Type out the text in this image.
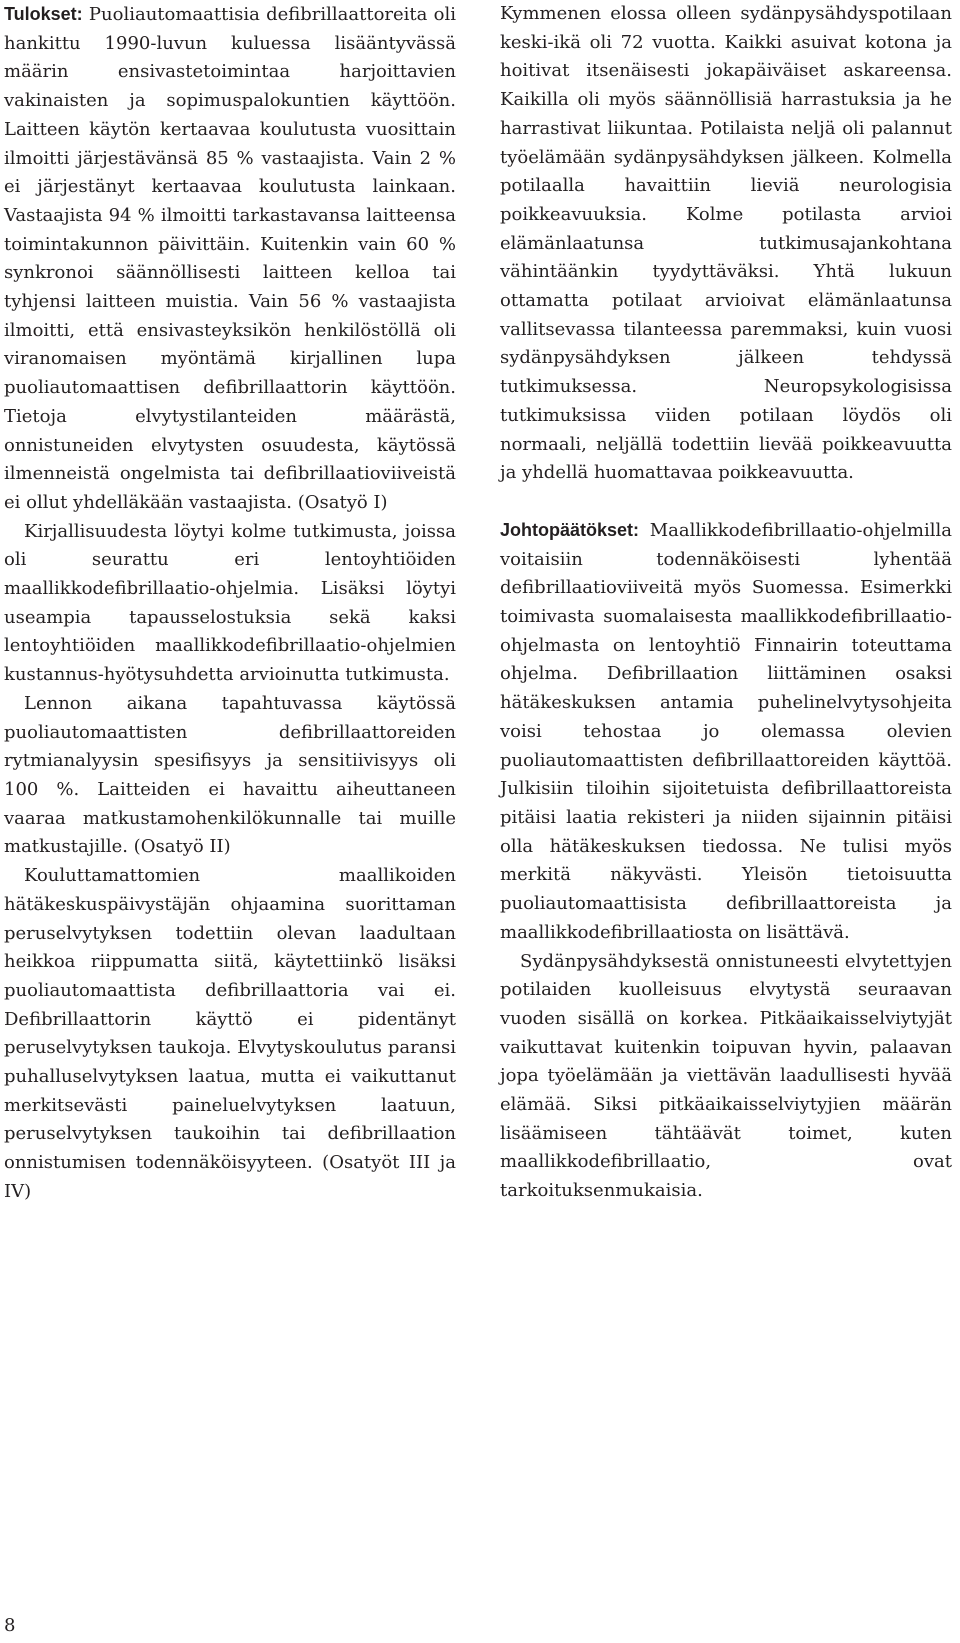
Tulokset: Puoliautomaattisia defibrillaattoreita oli hankittu 1990-luvun kuluessa lisääntyvässä määrin ensivastetoimintaa harjoittavien vakinaisten ja sopimuspalokuntien käyttöön. Laitteen käytön kertaavaa koulutusta vuosittain ilmoitti järjestävänsä 85 % vastaajista. Vain 2 % ei järjestänyt kertaavaa koulutusta lainkaan. Vastaajista 94 % ilmoitti tarkastavansa laitteensa toimintakunnon päivittäin. Kuitenkin vain 60 % synkronoi säännöllisesti laitteen kelloa tai tyhjensi laitteen muistia. Vain 56 % vastaajista ilmoitti, että ensivasteyksikön henkilöstöllä oli viranomaisen myöntämä kirjallinen lupa puoliautomaattisen defibrillaattorin käyttöön. Tietoja elvytystilanteiden määrästä, onnistuneiden elvytysten osuudesta, käytössä ilmenneistä ongelmista tai defibrillaatioviiveistä ei ollut yhdelläkään vastaajista. (Osatyö I)

Kirjallisuudesta löytyi kolme tutkimusta, joissa oli seurattu eri lentoyhtiöiden maallikkodefibrillaatio-ohjelmia. Lisäksi löytyi useampia tapausselostuksia sekä kaksi lentoyhtiöiden maallikkodefibrillaatio-ohjelmien kustannus-hyötysuhdetta arvioinutta tutkimusta.

Lennon aikana tapahtuvassa käytössä puoliautomaattisten defibrillaattoreiden rytmianalyysin spesifisyys ja sensitiivisyys oli 100 %. Laitteiden ei havaittu aiheuttaneen vaaraa matkustamohenkilökunnalle tai muille matkustajille. (Osatyö II)

Kouluttamattomien maallikoiden hätäkeskuspäivystäjän ohjaamina suorittaman peruselvytyksen todettiin olevan laadultaan heikkoa riippumatta siitä, käytettiinkö lisäksi puoliautomaattista defibrillaattoria vai ei. Defibrillaattorin käyttö ei pidentänyt peruselvytyksen taukoja. Elvytyskoulutus paransi puhalluselvytyksen laatua, mutta ei vaikuttanut merkitsevästi paineluelvytyksen laatuun, peruselvytyksen taukoihin tai defibrillaation onnistumisen todennäköisyyteen. (Osatyöt III ja IV)

Kymmenen elossa olleen sydänpysähdyspotilaan keski-ikä oli 72 vuotta. Kaikki asuivat kotona ja hoitivat itsenäisesti jokapäiväiset askareensa. Kaikilla oli myös säännöllisiä harrastuksia ja he harrastivat liikuntaa. Potilaista neljä oli palannut työelämään sydänpysähdyksen jälkeen. Kolmella potilaalla havaittiin lieviä neurologisia poikkeavuuksia. Kolme potilasta arvioi elämänlaatunsa tutkimusajankohtana vähintäänkin tyydyttäväksi. Yhtä lukuun ottamatta potilaat arvioivat elämänlaatunsa vallitsevassa tilanteessa paremmaksi, kuin vuosi sydänpysähdyksen jälkeen tehdyssä tutkimuksessa. Neuropsykologisissa tutkimuksissa viiden potilaan löydös oli normaali, neljällä todettiin lievää poikkeavuutta ja yhdellä huomattavaa poikkeavuutta.

Johtopäätökset: Maallikkodefibrillaatio-ohjelmilla voitaisiin todennäköisesti lyhentää defibrillaatioviiveitä myös Suomessa. Esimerkki toimivasta suomalaisesta maallikkodefibrillaatio-ohjelmasta on lentoyhtiö Finnairin toteuttama ohjelma. Defibrillaation liittäminen osaksi hätäkeskuksen antamia puhelinelvytysohjeita voisi tehostaa jo olemassa olevien puoliautomaattisten defibrillaattoreiden käyttöä. Julkisiin tiloihin sijoitetuista defibrillaattoreista pitäisi laatia rekisteri ja niiden sijainnin pitäisi olla hätäkeskuksen tiedossa. Ne tulisi myös merkitä näkyvästi. Yleisön tietoisuutta puoliautomaattisista defibrillaattoreista ja maallikkodefibrillaatiosta on lisättävä.

Sydänpysähdyksestä onnistuneesti elvytettyjen potilaiden kuolleisuus elvytystä seuraavan vuoden sisällä on korkea. Pitkäaikaisselviytyjät vaikuttavat kuitenkin toipuvan hyvin, palaavan jopa työelämään ja viettävän laadullisesti hyvää elämää. Siksi pitkäaikaisselviytyjien määrän lisäämiseen tähtäävät toimet, kuten maallikkodefibrillaatio, ovat tarkoituksenmukaisia.

8
